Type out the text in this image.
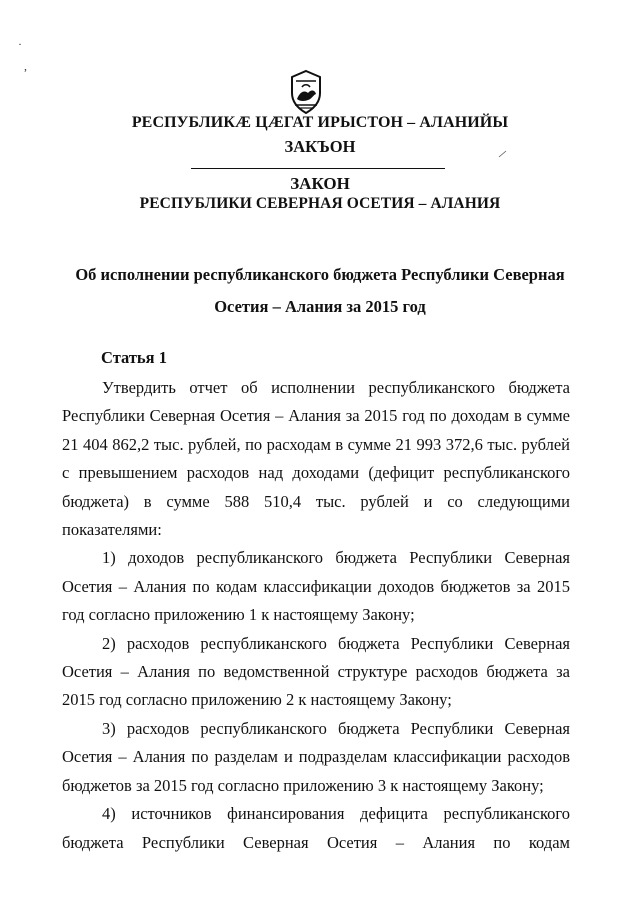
·
,
РЕСПУБЛИКӔ ЦӔГАТ ИРЫСТОН – АЛАНИЙЫ
ЗАКЪОН
ЗАКОН
РЕСПУБЛИКИ СЕВЕРНАЯ ОСЕТИЯ – АЛАНИЯ
Об исполнении республиканского бюджета Республики Северная
Осетия – Алания за 2015 год
Статья 1

Утвердить отчет об исполнении республиканского бюджета Республики Северная Осетия – Алания за 2015 год по доходам в сумме 21 404 862,2 тыс. рублей, по расходам в сумме 21 993 372,6 тыс. рублей с превышением расходов над доходами (дефицит республиканского бюджета) в сумме 588 510,4 тыс. рублей и со следующими показателями:

1) доходов республиканского бюджета Республики Северная Осетия – Алания по кодам классификации доходов бюджетов за 2015 год согласно приложению 1 к настоящему Закону;

2) расходов республиканского бюджета Республики Северная Осетия – Алания по ведомственной структуре расходов бюджета за 2015 год согласно приложению 2 к настоящему Закону;

3) расходов республиканского бюджета Республики Северная Осетия – Алания по разделам и подразделам классификации расходов бюджетов за 2015 год согласно приложению 3 к настоящему Закону;

4) источников финансирования дефицита республиканского бюджета Республики Северная Осетия – Алания по кодам
